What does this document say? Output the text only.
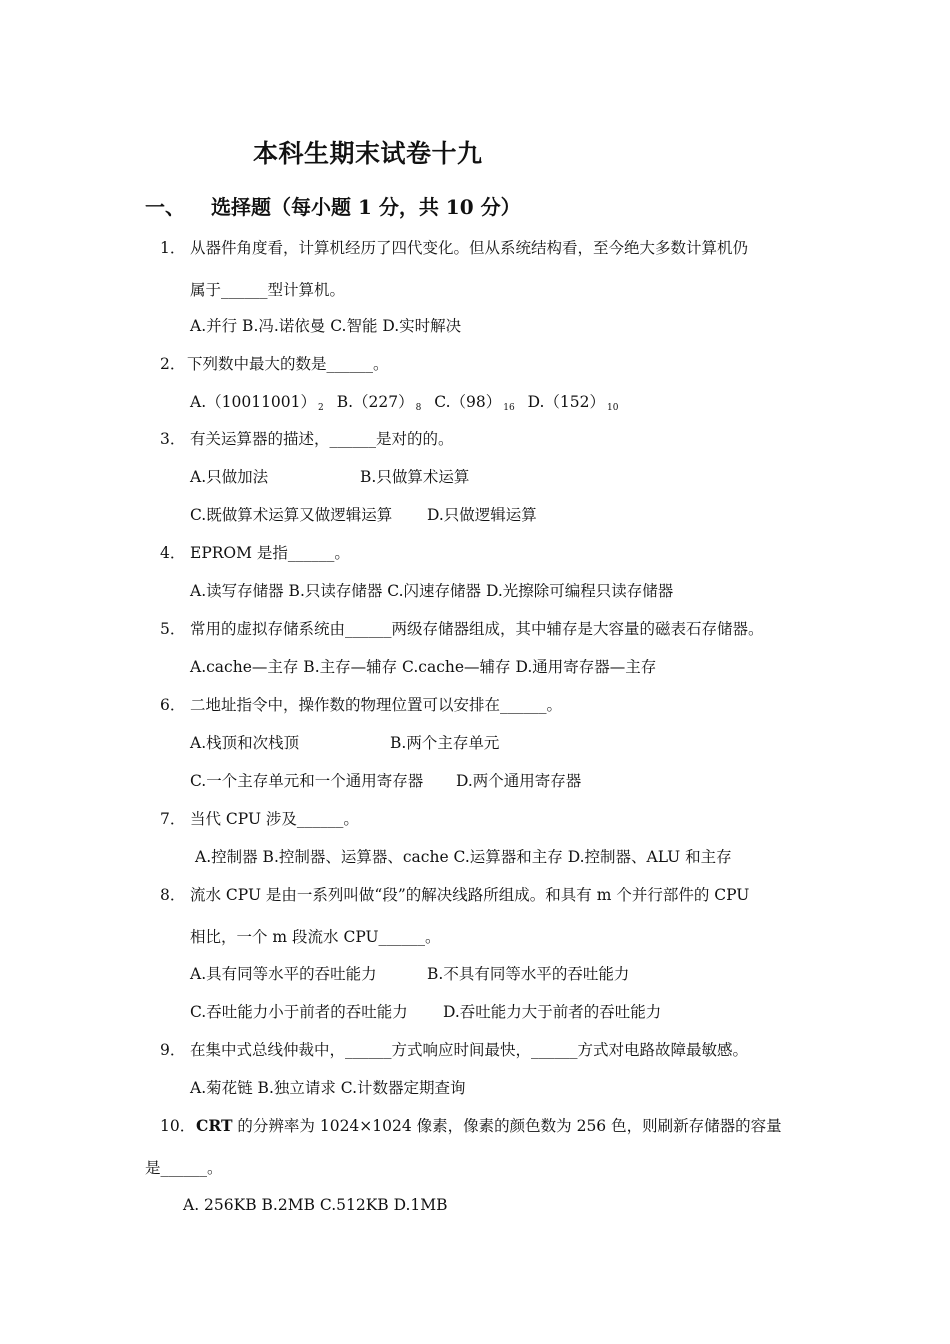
本科生期末试卷十九
一、 选择题（每小题 1 分，共 10 分）
1． 从器件角度看，计算机经历了四代变化。但从系统结构看，至今绝大多数计算机仍
属于______型计算机。
A.并行 B.冯.诺依曼 C.智能 D.实时解决
2． 下列数中最大的数是______。
A.（10011001） $_2$ B.（227） $_8$ C.（98） $_{16}$ D.（152） $_{10}$
3． 有关运算器的描述，______是对的的。
A.只做加法	B.只做算术运算
C.既做算术运算又做逻辑运算 D.只做逻辑运算
4． EPROM 是指______。
A.读写存储器 B.只读存储器 C.闪速存储器 D.光擦除可编程只读存储器
5． 常用的虚拟存储系统由______两级存储器组成，其中辅存是大容量的磁表石存储器。
A.cache—主存 B.主存—辅存 C.cache—辅存 D.通用寄存器—主存
6． 二地址指令中，操作数的物理位置可以安排在______。
A.栈顶和次栈顶	B.两个主存单元
C.一个主存单元和一个通用寄存器 D.两个通用寄存器
7． 当代 CPU 涉及______。
A.控制器 B.控制器、运算器、cache C.运算器和主存 D.控制器、ALU 和主存
8． 流水 CPU 是由一系列叫做“段”的解决线路所组成。和具有 m 个并行部件的 CPU
相比，一个 m 段流水 CPU______。
A.具有同等水平的吞吐能力	B.不具有同等水平的吞吐能力
C.吞吐能力小于前者的吞吐能力 D.吞吐能力大于前者的吞吐能力
9． 在集中式总线仲裁中，______方式响应时间最快，______方式对电路故障最敏感。
A.菊花链 B.独立请求 C.计数器定期查询
10．CRT 的分辨率为 1024×1024 像素，像素的颜色数为 256 色，则刷新存储器的容量
是______。
A. 256KB B.2MB C.512KB D.1MB
